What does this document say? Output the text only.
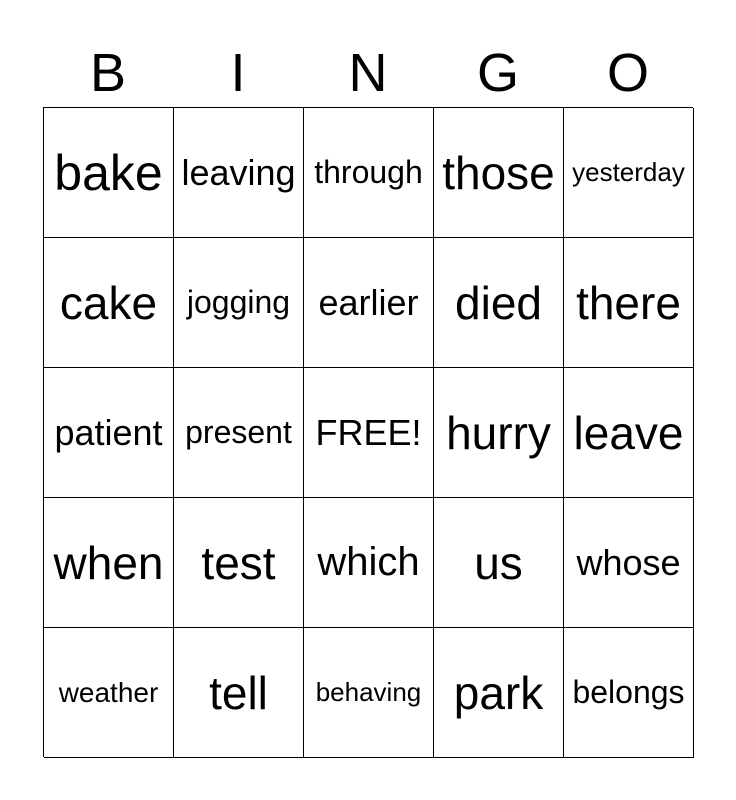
B	I	N	G	O
bake leaving through those yesterday
cake jogging earlier died there
patient present FREE! hurry leave
when test which us whose
weather tell behaving park belongs
